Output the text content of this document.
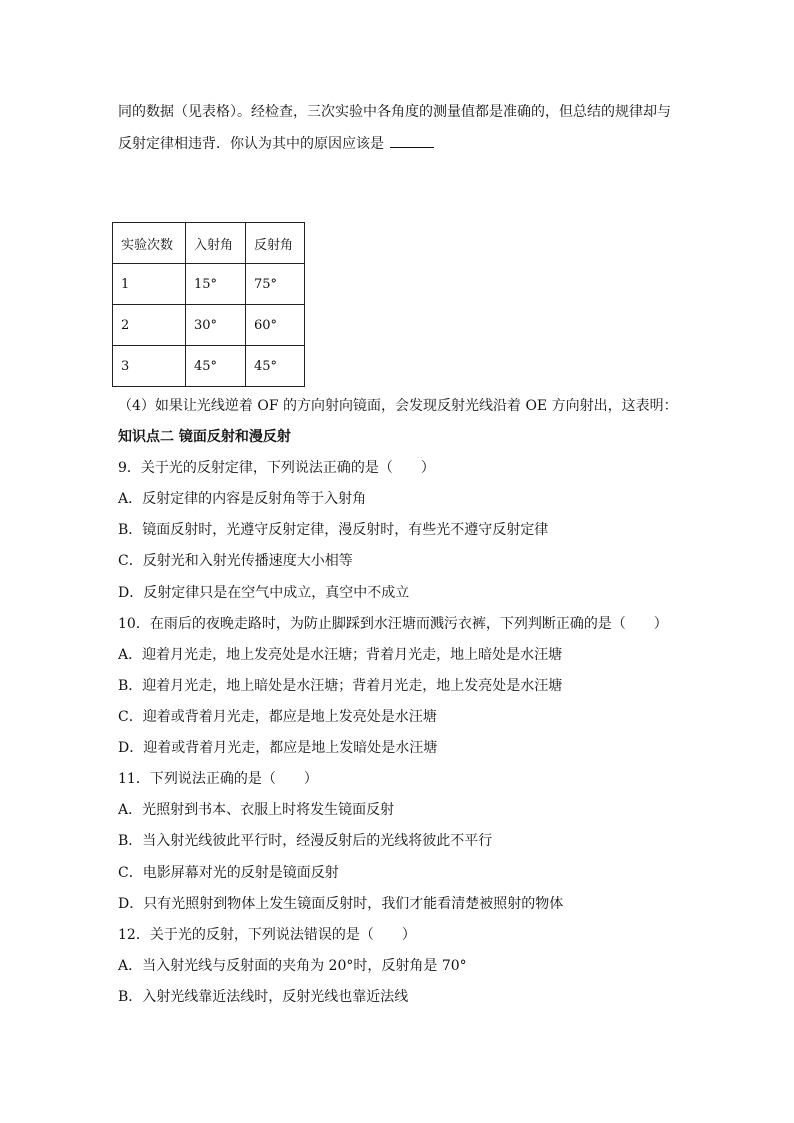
同的数据（见表格）。经检查，三次实验中各角度的测量值都是准确的，但总结的规律却与
反射定律相违背．你认为其中的原因应该是
实验次数	入射角	反射角
1	15°	75°
2	30°	60°
3	45°	45°
（4）如果让光线逆着 OF 的方向射向镜面，会发现反射光线沿着 OE 方向射出，这表明：
知识点二 镜面反射和漫反射
9．关于光的反射定律，下列说法正确的是（　　）
A．反射定律的内容是反射角等于入射角
B．镜面反射时，光遵守反射定律，漫反射时，有些光不遵守反射定律
C．反射光和入射光传播速度大小相等
D．反射定律只是在空气中成立，真空中不成立
10．在雨后的夜晚走路时，为防止脚踩到水汪塘而溅污衣裤，下列判断正确的是（　　）
A．迎着月光走，地上发亮处是水汪塘；背着月光走，地上暗处是水汪塘
B．迎着月光走，地上暗处是水汪塘；背着月光走，地上发亮处是水汪塘
C．迎着或背着月光走，都应是地上发亮处是水汪塘
D．迎着或背着月光走，都应是地上发暗处是水汪塘
11．下列说法正确的是（　　）
A．光照射到书本、衣服上时将发生镜面反射
B．当入射光线彼此平行时，经漫反射后的光线将彼此不平行
C．电影屏幕对光的反射是镜面反射
D．只有光照射到物体上发生镜面反射时，我们才能看清楚被照射的物体
12．关于光的反射，下列说法错误的是（　　）
A．当入射光线与反射面的夹角为 20°时，反射角是 70°
B．入射光线靠近法线时，反射光线也靠近法线
